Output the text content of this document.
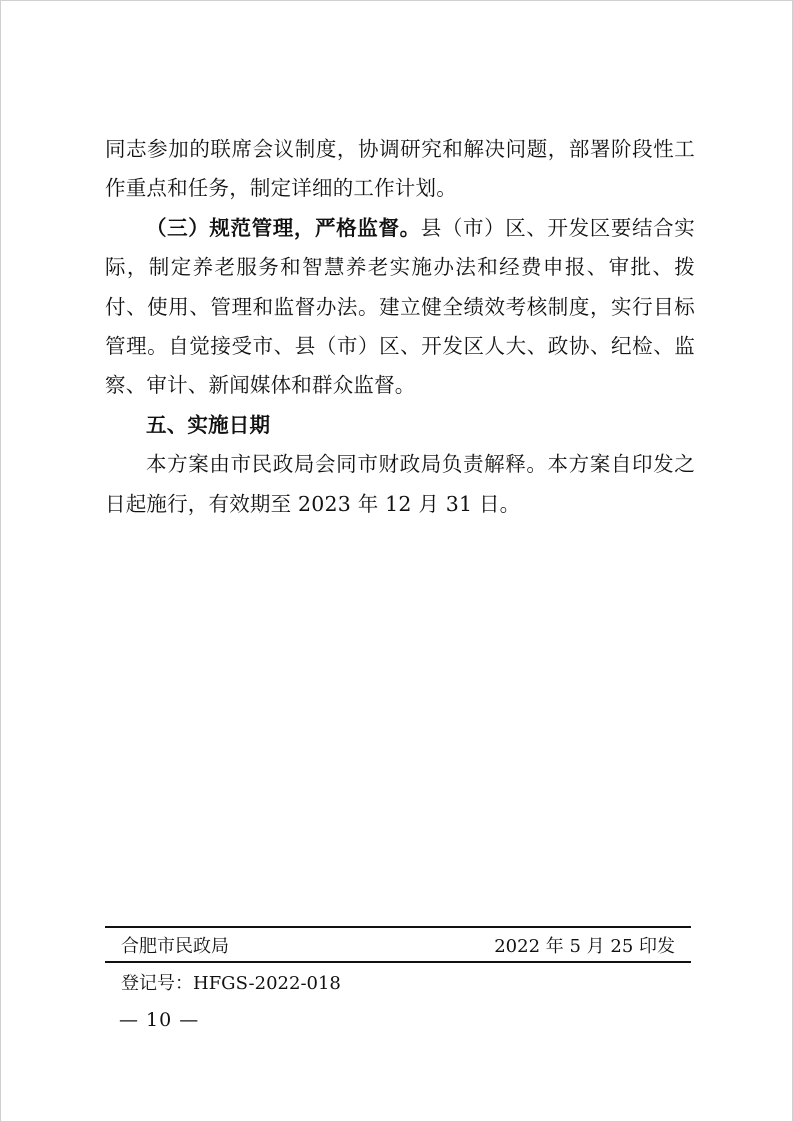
同志参加的联席会议制度，协调研究和解决问题，部署阶段性工作重点和任务，制定详细的工作计划。

（三）规范管理，严格监督。县（市）区、开发区要结合实际，制定养老服务和智慧养老实施办法和经费申报、审批、拨付、使用、管理和监督办法。建立健全绩效考核制度，实行目标管理。自觉接受市、县（市）区、开发区人大、政协、纪检、监察、审计、新闻媒体和群众监督。

五、实施日期

本方案由市民政局会同市财政局负责解释。本方案自印发之日起施行，有效期至 2023 年 12 月 31 日。

合肥市民政局	2022 年 5 月 25 印发
登记号：HFGS-2022-018
— 10 —
